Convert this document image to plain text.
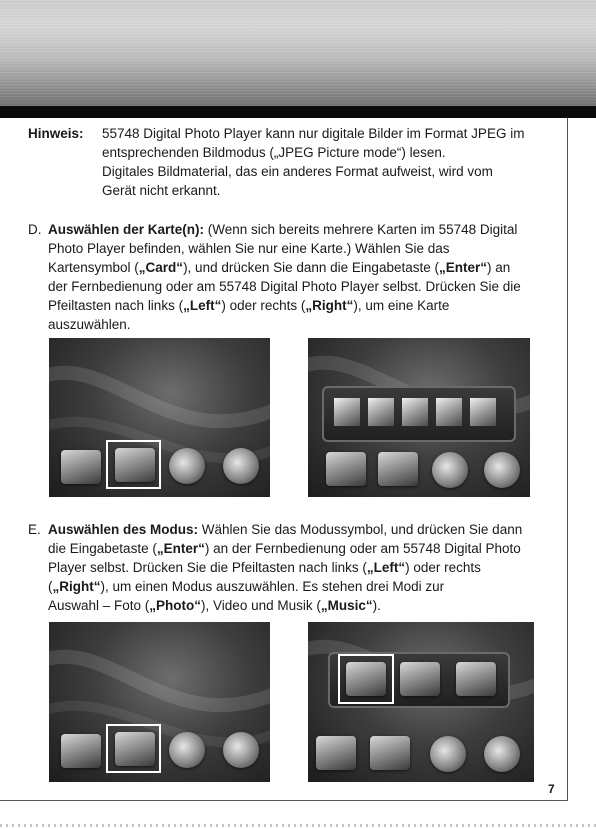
Hinweis: 55748 Digital Photo Player kann nur digitale Bilder im Format JPEG im
entsprechenden Bildmodus („JPEG Picture mode“) lesen.
Digitales Bildmaterial, das ein anderes Format aufweist, wird vom
Gerät nicht erkannt.
D. Auswählen der Karte(n): (Wenn sich bereits mehrere Karten im 55748 Digital
Photo Player befinden, wählen Sie nur eine Karte.) Wählen Sie das
Kartensymbol („Card“), und drücken Sie dann die Eingabetaste („Enter“) an
der Fernbedienung oder am 55748 Digital Photo Player selbst. Drücken Sie die
Pfeiltasten nach links („Left“) oder rechts („Right“), um eine Karte
auszuwählen.
E. Auswählen des Modus: Wählen Sie das Modussymbol, und drücken Sie dann
die Eingabetaste („Enter“) an der Fernbedienung oder am 55748 Digital Photo
Player selbst. Drücken Sie die Pfeiltasten nach links („Left“) oder rechts
(„Right“), um einen Modus auszuwählen. Es stehen drei Modi zur
Auswahl – Foto („Photo“), Video und Musik („Music“).
7
